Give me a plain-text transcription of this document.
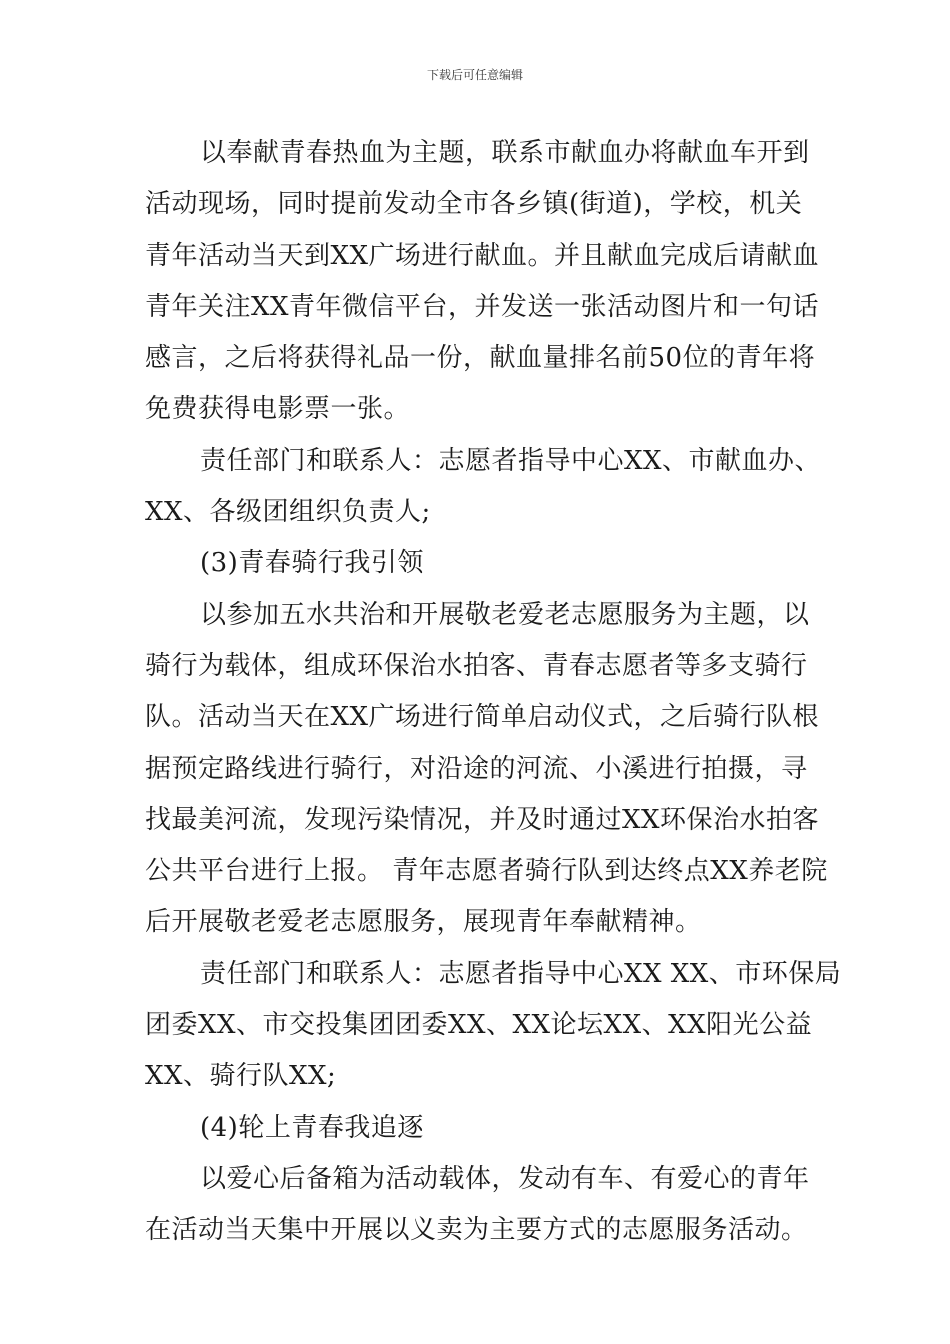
下载后可任意编辑
以奉献青春热血为主题，联系市献血办将献血车开到
活动现场，同时提前发动全市各乡镇(街道)，学校，机关
青年活动当天到XX广场进行献血。并且献血完成后请献血
青年关注XX青年微信平台，并发送一张活动图片和一句话
感言，之后将获得礼品一份，献血量排名前50位的青年将
免费获得电影票一张。
责任部门和联系人：志愿者指导中心XX、市献血办、
XX、各级团组织负责人;
(3)青春骑行我引领
以参加五水共治和开展敬老爱老志愿服务为主题，以
骑行为载体，组成环保治水拍客、青春志愿者等多支骑行
队。活动当天在XX广场进行简单启动仪式，之后骑行队根
据预定路线进行骑行，对沿途的河流、小溪进行拍摄，寻
找最美河流，发现污染情况，并及时通过XX环保治水拍客
公共平台进行上报。 青年志愿者骑行队到达终点XX养老院
后开展敬老爱老志愿服务，展现青年奉献精神。
责任部门和联系人：志愿者指导中心XX XX、市环保局
团委XX、市交投集团团委XX、XX论坛XX、XX阳光公益
XX、骑行队XX;
(4)轮上青春我追逐
以爱心后备箱为活动载体，发动有车、有爱心的青年
在活动当天集中开展以义卖为主要方式的志愿服务活动。
